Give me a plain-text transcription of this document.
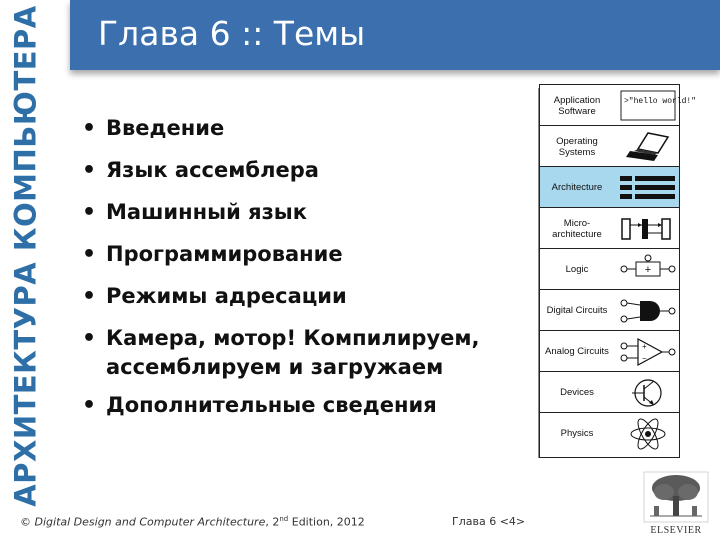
АРХИТЕКТУРА КОМПЬЮТЕРА Глава 6 :: Темы
• Введение
• Язык ассемблера
• Машинный язык
• Программирование
• Режимы адресации
• Камера, мотор! Компилируем, ассемблируем и загружаем
• Дополнительные сведения
Application Software
>"hello world!"
Operating Systems
Architecture
Micro- architecture
Logic	+
Digital Circuits
Analog Circuits	+
−
Devices
Physics
© Digital Design and Computer Architecture, 2nd Edition, 2012	Глава 6 <4>
ELSEVIER
